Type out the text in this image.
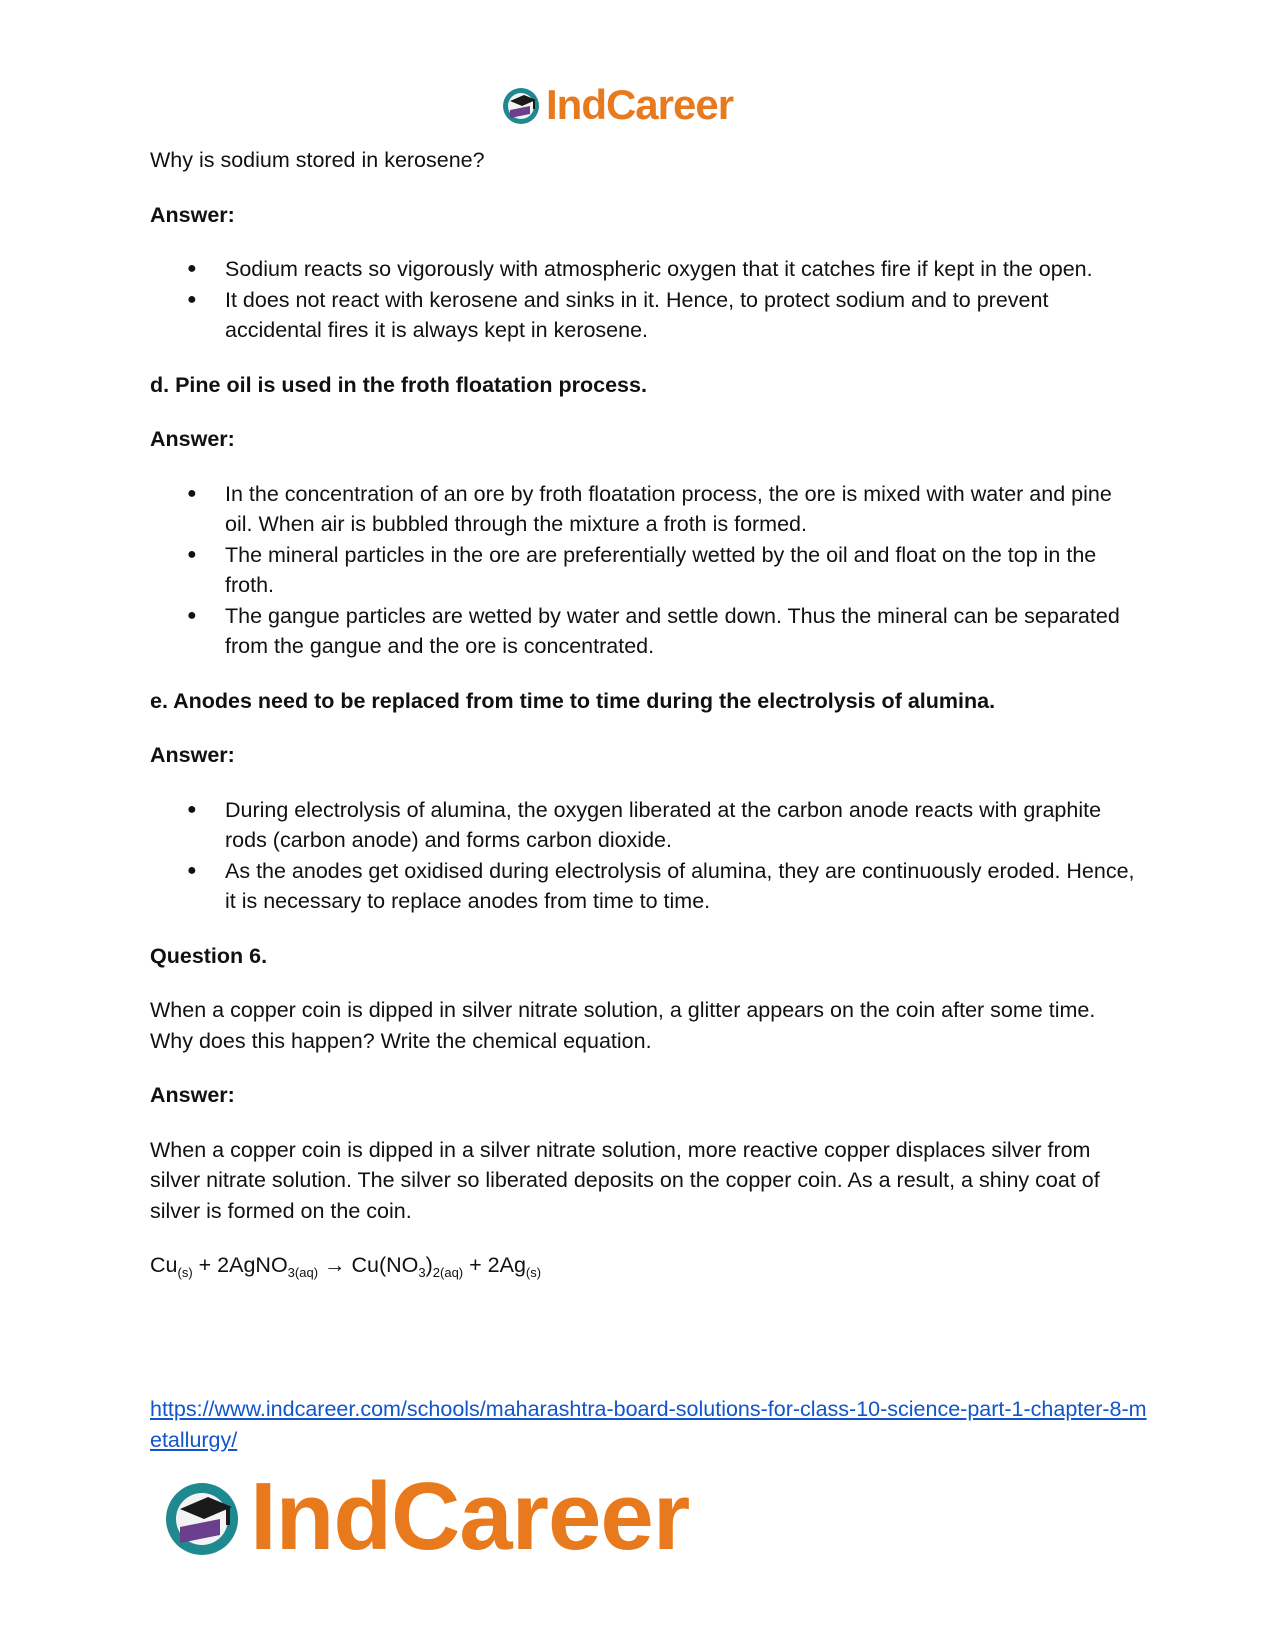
IndCareer

Why is sodium stored in kerosene?

Answer:

● Sodium reacts so vigorously with atmospheric oxygen that it catches fire if kept in the open.
● It does not react with kerosene and sinks in it. Hence, to protect sodium and to prevent accidental fires it is always kept in kerosene.

d. Pine oil is used in the froth floatation process.

Answer:

● In the concentration of an ore by froth floatation process, the ore is mixed with water and pine oil. When air is bubbled through the mixture a froth is formed.
● The mineral particles in the ore are preferentially wetted by the oil and float on the top in the froth.
● The gangue particles are wetted by water and settle down. Thus the mineral can be separated from the gangue and the ore is concentrated.

e. Anodes need to be replaced from time to time during the electrolysis of alumina.

Answer:

● During electrolysis of alumina, the oxygen liberated at the carbon anode reacts with graphite rods (carbon anode) and forms carbon dioxide.
● As the anodes get oxidised during electrolysis of alumina, they are continuously eroded. Hence, it is necessary to replace anodes from time to time.

Question 6.

When a copper coin is dipped in silver nitrate solution, a glitter appears on the coin after some time. Why does this happen? Write the chemical equation.

Answer:

When a copper coin is dipped in a silver nitrate solution, more reactive copper displaces silver from silver nitrate solution. The silver so liberated deposits on the copper coin. As a result, a shiny coat of silver is formed on the coin.

$Cu_{(s)}$ + 2AgNO$_{3(aq)}$ → $Cu(NO_3)_{2(aq)} + 2Ag_{(s)}$

https://www.indcareer.com/schools/maharashtra-board-solutions-for-class-10-science-part-1-chapter-8-metallurgy/
IndCareer
